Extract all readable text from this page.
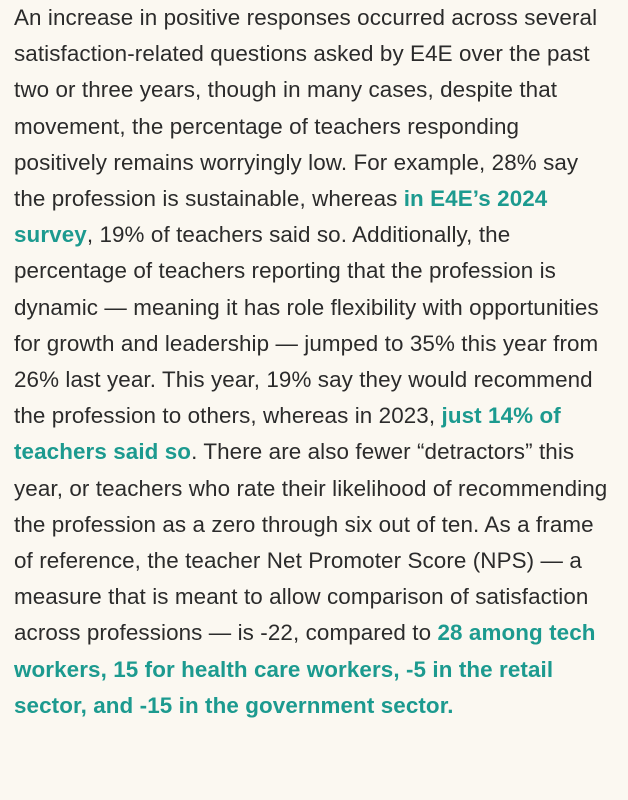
An increase in positive responses occurred across several satisfaction-related questions asked by E4E over the past two or three years, though in many cases, despite that movement, the percentage of teachers responding positively remains worryingly low. For example, 28% say the profession is sustainable, whereas in E4E’s 2024 survey, 19% of teachers said so. Additionally, the percentage of teachers reporting that the profession is dynamic — meaning it has role flexibility with opportunities for growth and leadership — jumped to 35% this year from 26% last year. This year, 19% say they would recommend the profession to others, whereas in 2023, just 14% of teachers said so. There are also fewer “detractors” this year, or teachers who rate their likelihood of recommending the profession as a zero through six out of ten. As a frame of reference, the teacher Net Promoter Score (NPS) — a measure that is meant to allow comparison of satisfaction across professions — is -22, compared to 28 among tech workers, 15 for health care workers, -5 in the retail sector, and -15 in the government sector.
